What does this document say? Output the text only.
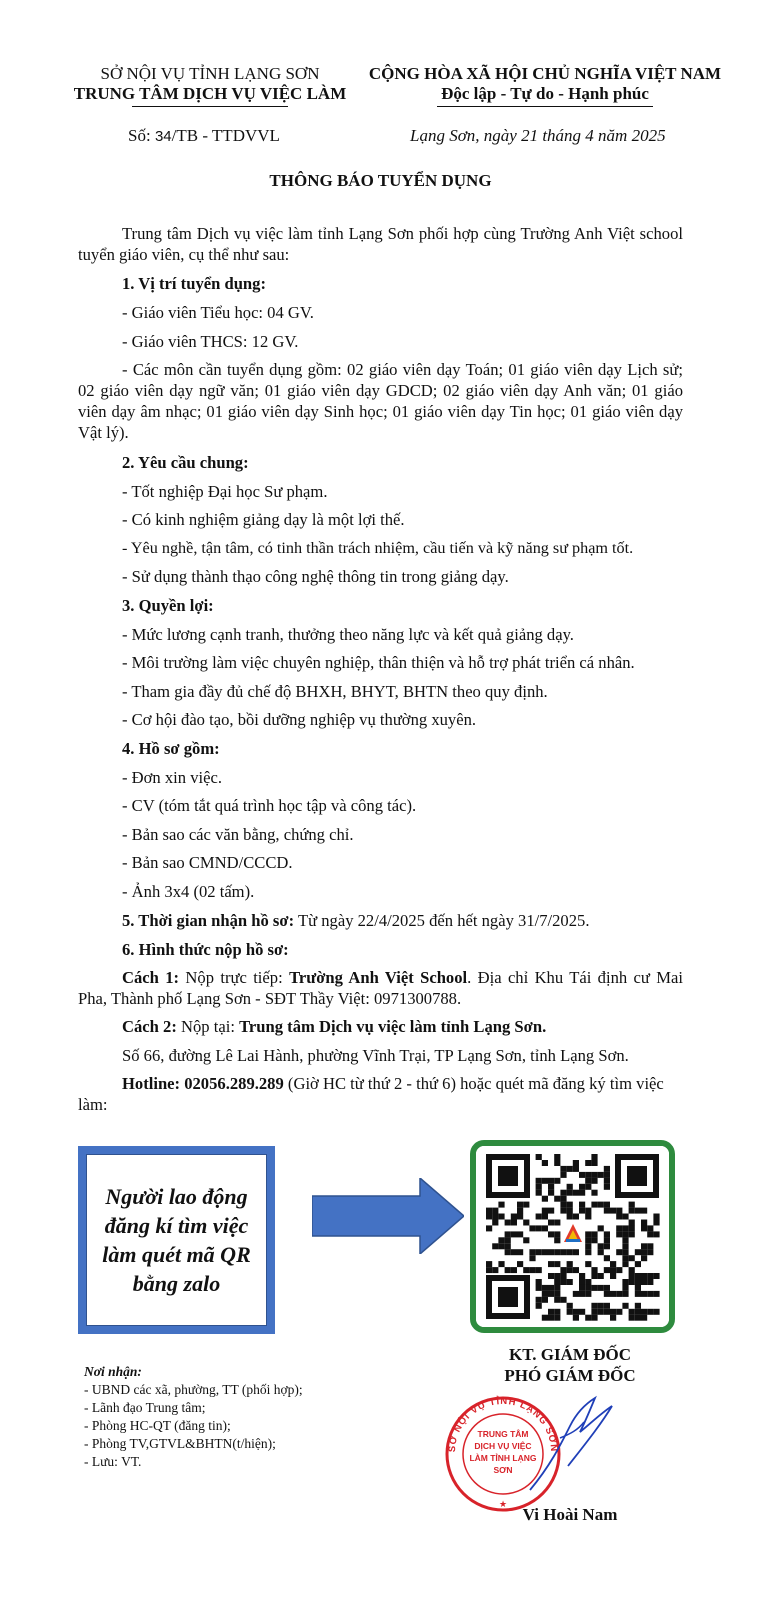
SỞ NỘI VỤ TỈNH LẠNG SƠN
TRUNG TÂM DỊCH VỤ VIỆC LÀM
CỘNG HÒA XÃ HỘI CHỦ NGHĨA VIỆT NAM
Độc lập - Tự do - Hạnh phúc
Số: 34/TB - TTDVVL	Lạng Sơn, ngày 21 tháng 4 năm 2025
THÔNG BÁO TUYỂN DỤNG
Trung tâm Dịch vụ việc làm tỉnh Lạng Sơn phối hợp cùng Trường Anh Việt school tuyển giáo viên, cụ thể như sau:
1. Vị trí tuyển dụng:
- Giáo viên Tiểu học: 04 GV.
- Giáo viên THCS: 12 GV.
- Các môn cần tuyển dụng gồm: 02 giáo viên dạy Toán; 01 giáo viên dạy Lịch sử; 02 giáo viên dạy ngữ văn; 01 giáo viên dạy GDCD; 02 giáo viên dạy Anh văn; 01 giáo viên dạy âm nhạc; 01 giáo viên dạy Sinh học; 01 giáo viên dạy Tin học; 01 giáo viên dạy Vật lý).
2. Yêu cầu chung:
- Tốt nghiệp Đại học Sư phạm.
- Có kinh nghiệm giảng dạy là một lợi thế.
- Yêu nghề, tận tâm, có tinh thần trách nhiệm, cầu tiến và kỹ năng sư phạm tốt.
- Sử dụng thành thạo công nghệ thông tin trong giảng dạy.
3. Quyền lợi:
- Mức lương cạnh tranh, thưởng theo năng lực và kết quả giảng dạy.
- Môi trường làm việc chuyên nghiệp, thân thiện và hỗ trợ phát triển cá nhân.
- Tham gia đầy đủ chế độ BHXH, BHYT, BHTN theo quy định.
- Cơ hội đào tạo, bồi dưỡng nghiệp vụ thường xuyên.
4. Hồ sơ gồm:
- Đơn xin việc.
- CV (tóm tắt quá trình học tập và công tác).
- Bản sao các văn bằng, chứng chỉ.
- Bản sao CMND/CCCD.
- Ảnh 3x4 (02 tấm).
5. Thời gian nhận hồ sơ: Từ ngày 22/4/2025 đến hết ngày 31/7/2025.
6. Hình thức nộp hồ sơ:
Cách 1: Nộp trực tiếp: Trường Anh Việt School. Địa chỉ Khu Tái định cư Mai Pha, Thành phố Lạng Sơn - SĐT Thầy Việt: 0971300788.
Cách 2: Nộp tại: Trung tâm Dịch vụ việc làm tỉnh Lạng Sơn.
Số 66, đường Lê Lai Hành, phường Vĩnh Trại, TP Lạng Sơn, tỉnh Lạng Sơn.
Hotline: 02056.289.289 (Giờ HC từ thứ 2 - thứ 6) hoặc quét mã đăng ký tìm việc làm:
Người lao động đăng kí tìm việc làm quét mã QR bằng zalo
Nơi nhận:
- UBND các xã, phường, TT (phối hợp);
- Lãnh đạo Trung tâm;
- Phòng HC-QT (đăng tin);
- Phòng TV,GTVL&BHTN(t/hiện);
- Lưu: VT.
KT. GIÁM ĐỐC
PHÓ GIÁM ĐỐC
SỞ NỘI VỤ TỈNH LẠNG SƠN
★
TRUNG TÂM DỊCH VỤ VIỆC LÀM TỈNH LẠNG SƠN
Vi Hoài Nam
